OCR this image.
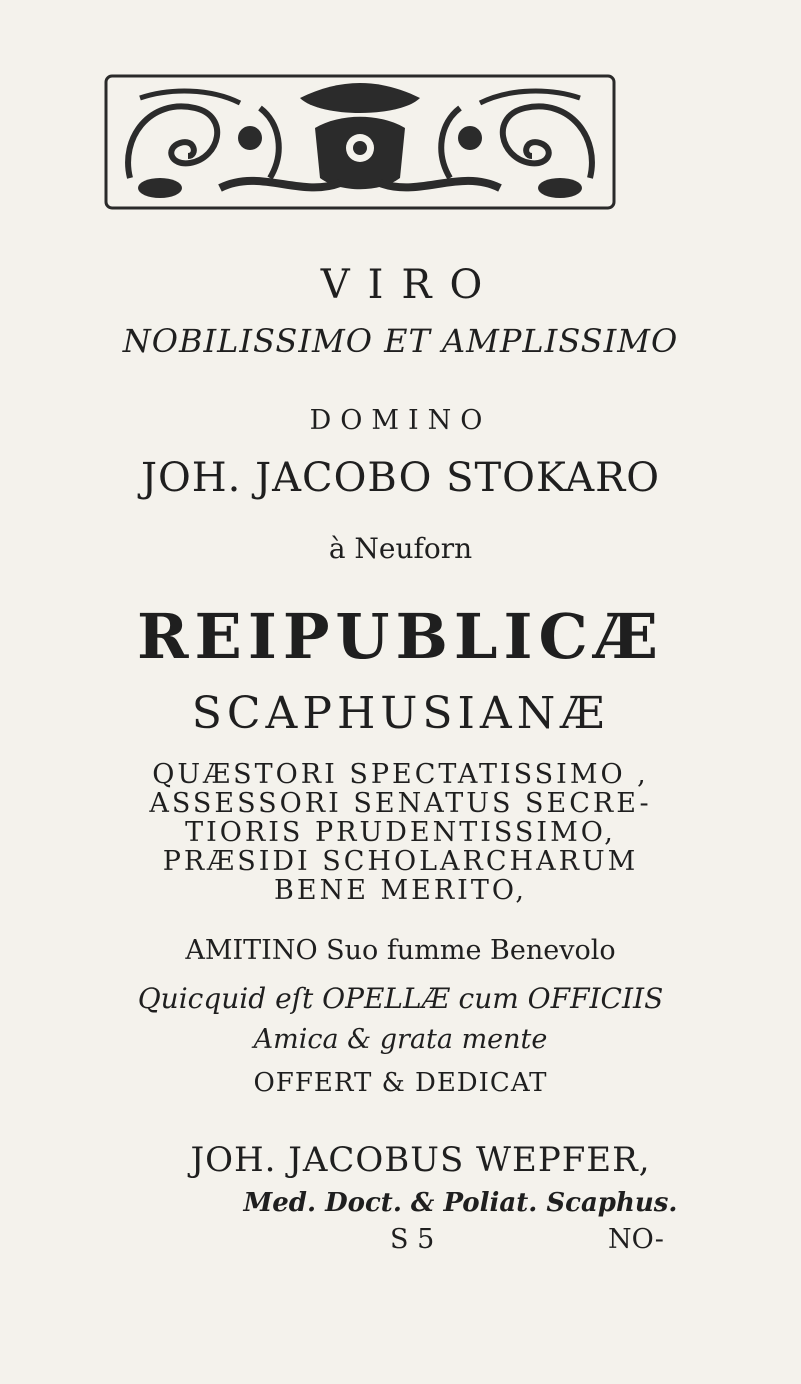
VIRO
NOBILISSIMO ET AMPLISSIMO
DOMINO
JOH. JACOBO STOKARO
à Neuforn
REIPUBLICÆ
SCAPHUSIANÆ
QUÆSTORI SPECTATISSIMO ,
ASSESSORI SENATUS SECRE-
TIORIS PRUDENTISSIMO,
PRÆSIDI SCHOLARCHARUM
BENE MERITO,
AMITINO Suo fumme Benevolo
Quicquid eſt OPELLÆ cum OFFICIIS
Amica & grata mente
OFFERT & DEDICAT
JOH. JACOBUS WEPFER,
Med. Doct. & Poliat. Scaphus.
S 5	NO-
